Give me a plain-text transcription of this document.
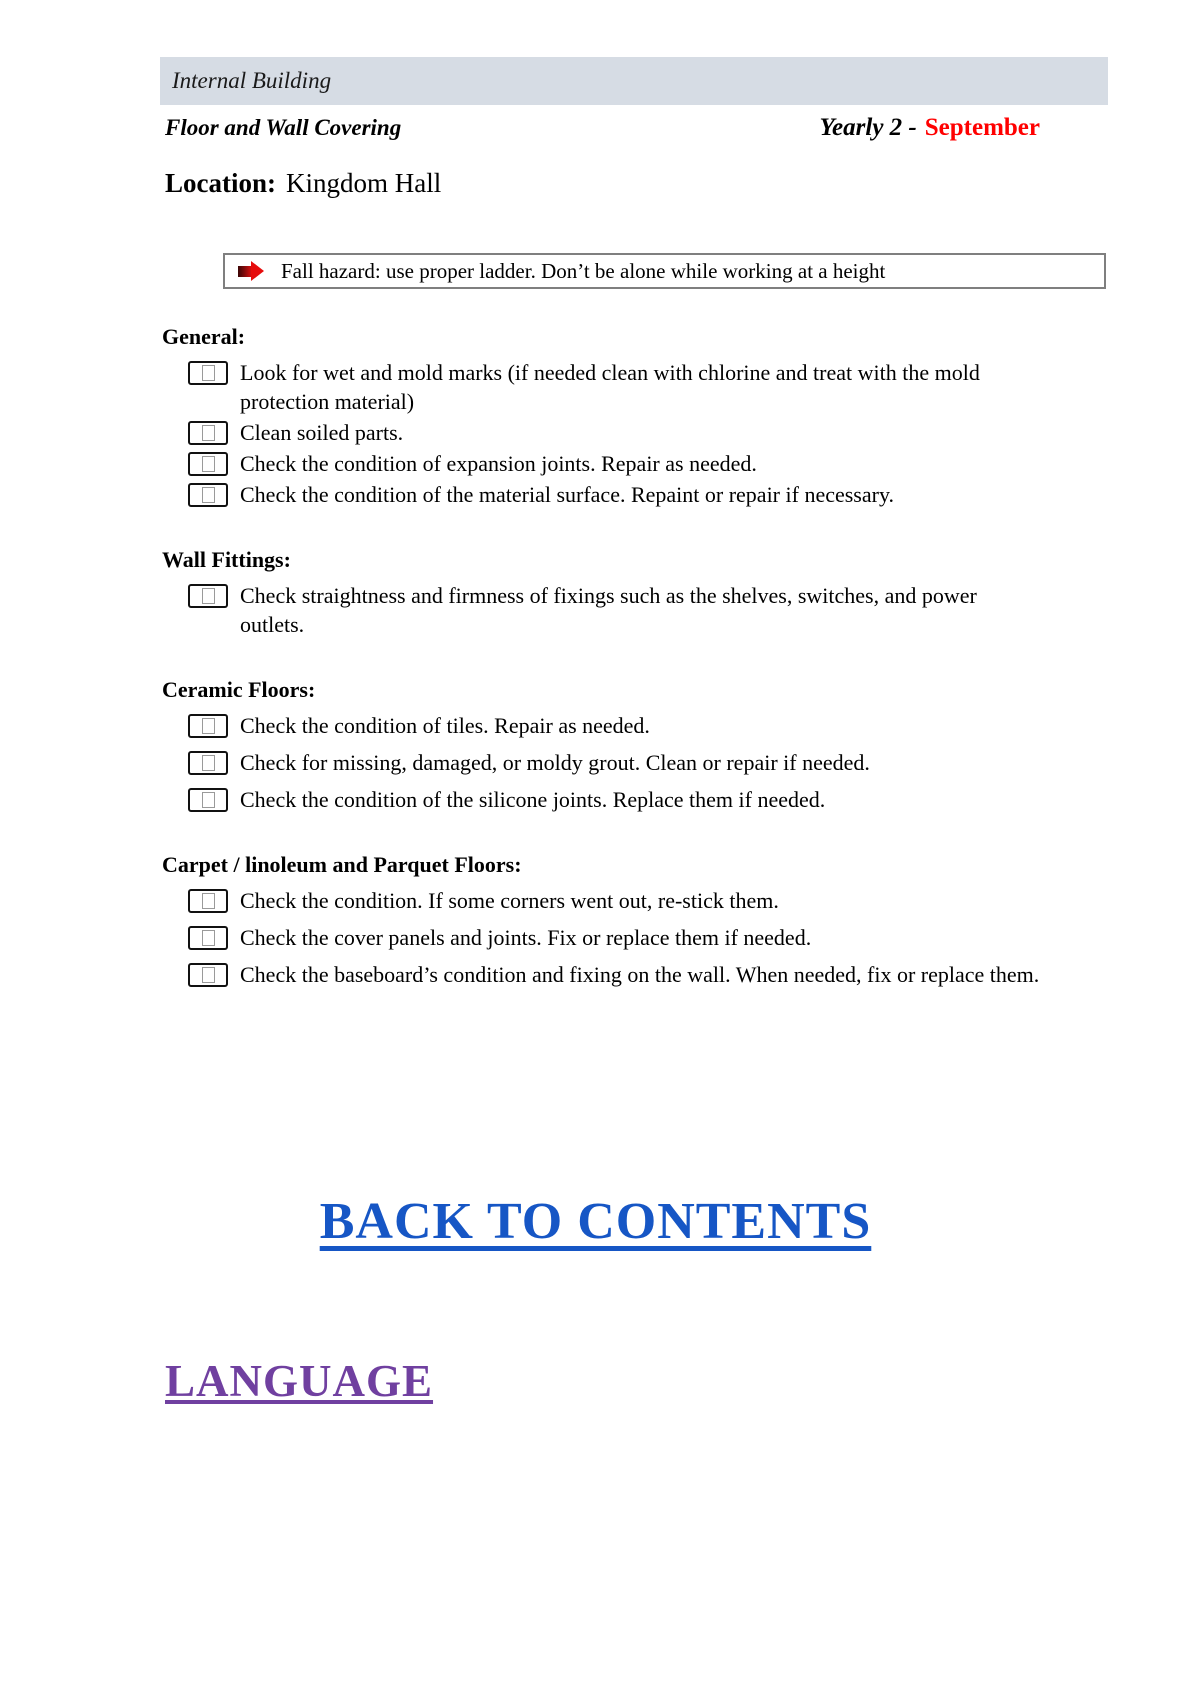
Internal Building
Floor and Wall Covering	Yearly 2 - September
Location: Kingdom Hall
Fall hazard: use proper ladder. Don’t be alone while working at a height
General:
Look for wet and mold marks (if needed clean with chlorine and treat with the mold protection material)
Clean soiled parts.
Check the condition of expansion joints. Repair as needed.
Check the condition of the material surface. Repaint or repair if necessary.
Wall Fittings:
Check straightness and firmness of fixings such as the shelves, switches, and power outlets.
Ceramic Floors:
Check the condition of tiles. Repair as needed.
Check for missing, damaged, or moldy grout. Clean or repair if needed.
Check the condition of the silicone joints. Replace them if needed.
Carpet / linoleum and Parquet Floors:
Check the condition. If some corners went out, re-stick them.
Check the cover panels and joints. Fix or replace them if needed.
Check the baseboard’s condition and fixing on the wall. When needed, fix or replace them.
BACK TO CONTENTS
LANGUAGE
